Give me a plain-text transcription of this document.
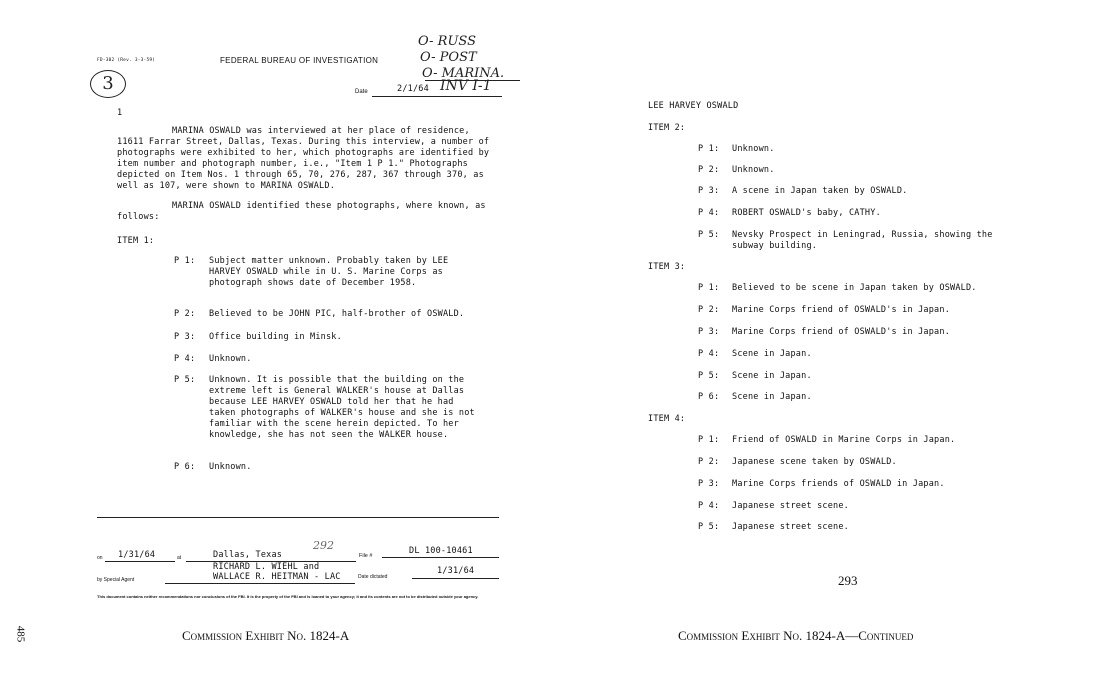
FD-302 (Rev. 3-3-59)	FEDERAL BUREAU OF INVESTIGATION
3
O- RUSS
O- POST
O- MARINA.
Date	2/1/64 INV I-1
1
MARINA OSWALD was interviewed at her place of residence, 11611 Farrar Street, Dallas, Texas. During this interview, a number of photographs were exhibited to her, which photographs are identified by item number and photograph number, i.e., "Item 1 P 1." Photographs depicted on Item Nos. 1 through 65, 70, 276, 287, 367 through 370, as well as 107, were shown to MARINA OSWALD.
MARINA OSWALD identified these photographs, where known, as follows:
ITEM 1:
P 1: Subject matter unknown. Probably taken by LEE HARVEY OSWALD while in U. S. Marine Corps as photograph shows date of December 1958.
P 2: Believed to be JOHN PIC, half-brother of OSWALD.
P 3: Office building in Minsk.
P 4: Unknown.
P 5: Unknown. It is possible that the building on the extreme left is General WALKER's house at Dallas because LEE HARVEY OSWALD told her that he had taken photographs of WALKER's house and she is not familiar with the scene herein depicted. To her knowledge, she has not seen the WALKER house.
P 6: Unknown.
on 1/31/64	at	Dallas, Texas
292
File #	DL 100-10461
RICHARD L. WIEHL and
by Special Agent	WALLACE R. HEITMAN - LAC	Date dictated
1/31/64
This document contains neither recommendations nor conclusions of the FBI. It is the property of the FBI and is loaned to your agency; it and its contents are not to be distributed outside your agency.
Commission Exhibit No. 1824-A
485
LEE HARVEY OSWALD
ITEM 2:
P 1: Unknown.
P 2: Unknown.
P 3: A scene in Japan taken by OSWALD.
P 4: ROBERT OSWALD's baby, CATHY.
P 5: Nevsky Prospect in Leningrad, Russia, showing the subway building.
ITEM 3:
P 1: Believed to be scene in Japan taken by OSWALD.
P 2: Marine Corps friend of OSWALD's in Japan.
P 3: Marine Corps friend of OSWALD's in Japan.
P 4: Scene in Japan.
P 5: Scene in Japan.
P 6: Scene in Japan.
ITEM 4:
P 1: Friend of OSWALD in Marine Corps in Japan.
P 2: Japanese scene taken by OSWALD.
P 3: Marine Corps friends of OSWALD in Japan.
P 4: Japanese street scene.
P 5: Japanese street scene.
293
Commission Exhibit No. 1824-A—Continued
